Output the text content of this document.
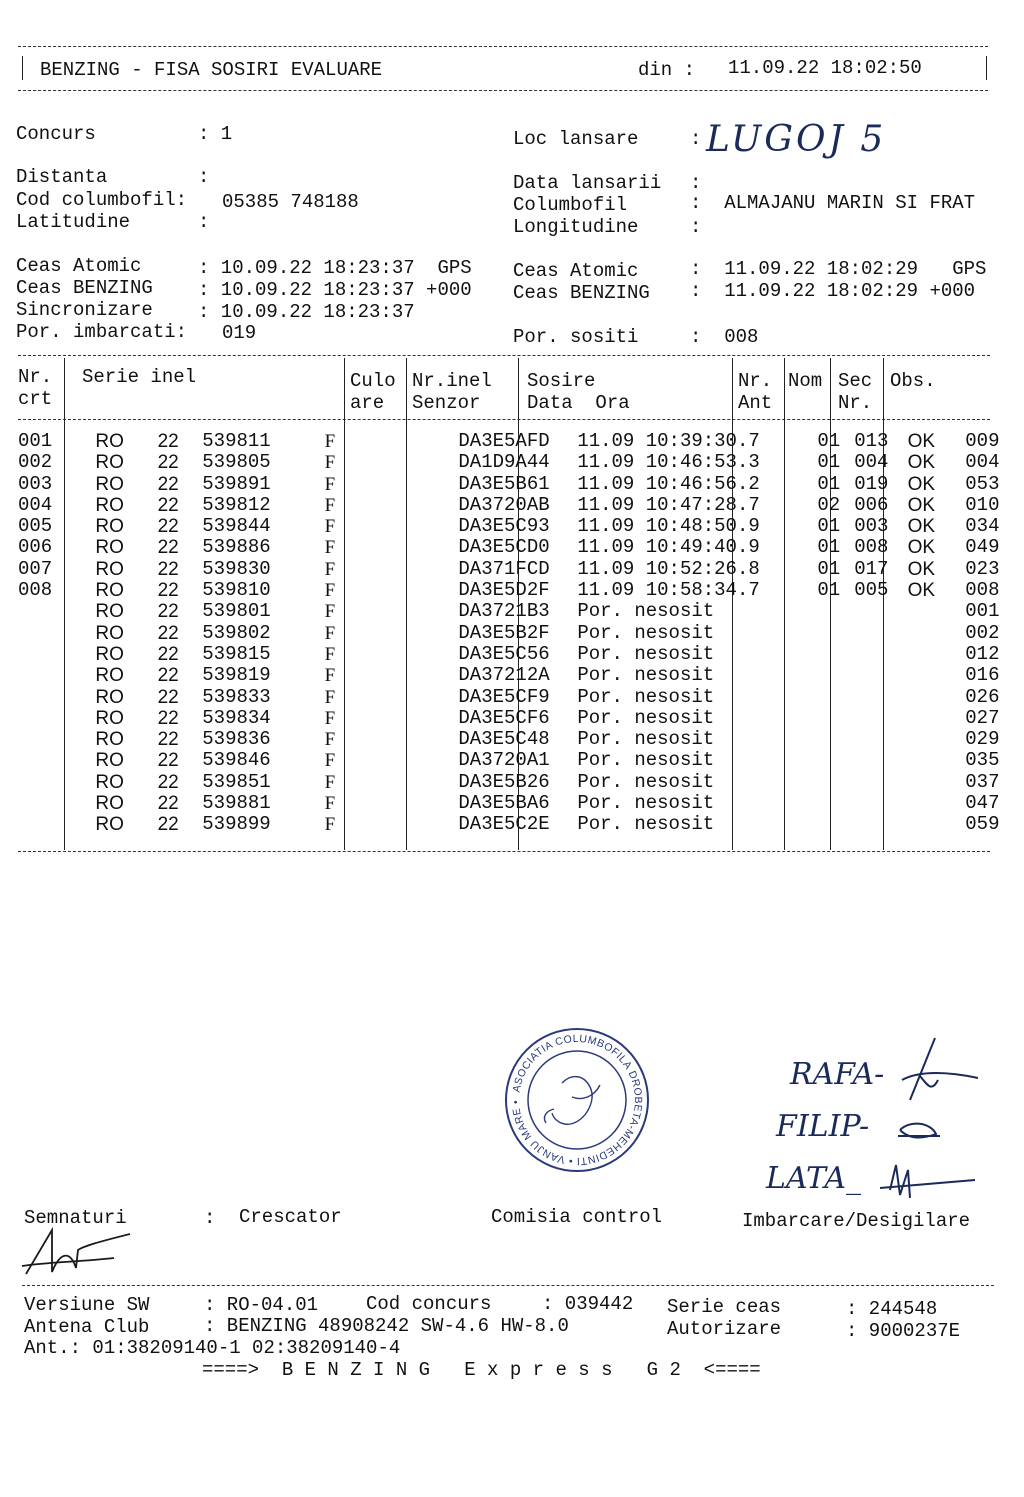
BENZING - FISA SOSIRI EVALUARE	din : 11.09.22 18:02:50
Concurs	: 1
Distanta	:
Cod columbofil: 05385 748188
Latitudine	:
Loc lansare	: LUGOJ 5
Data lansarii :
Columbofil	:  ALMAJANU MARIN SI FRAT
Longitudine	:
Ceas Atomic	: 10.09.22 18:23:37  GPS
Ceas BENZING : 10.09.22 18:23:37 +000
Sincronizare : 10.09.22 18:23:37
Por. imbarcati: 019
Ceas Atomic	:  11.09.22 18:02:29   GPS
Ceas BENZING :  11.09.22 18:02:29 +000
Por. sositi	:  008
Nr.
crt
Serie inel	Culo
are
Nr.inel
Senzor
Sosire
Data  Ora
Nr.
Ant
Nom Sec
Nr.
Obs.
001	RO	22	539811	F		DA3E5AFD	11.09 10:39:30.7	01	013	OK	009
002	RO	22	539805	F		DA1D9A44	11.09 10:46:53.3	01	004	OK	004
003	RO	22	539891	F		DA3E5B61	11.09 10:46:56.2	01	019	OK	053
004	RO	22	539812	F		DA3720AB	11.09 10:47:28.7	02	006	OK	010
005	RO	22	539844	F		DA3E5C93	11.09 10:48:50.9	01	003	OK	034
006	RO	22	539886	F		DA3E5CD0	11.09 10:49:40.9	01	008	OK	049
007	RO	22	539830	F		DA371FCD	11.09 10:52:26.8	01	017	OK	023
008	RO	22	539810	F		DA3E5D2F	11.09 10:58:34.7	01	005	OK	008
	RO	22	539801	F		DA3721B3	Por. nesosit				001
	RO	22	539802	F		DA3E5B2F	Por. nesosit				002
	RO	22	539815	F		DA3E5C56	Por. nesosit				012
	RO	22	539819	F		DA37212A	Por. nesosit				016
	RO	22	539833	F		DA3E5CF9	Por. nesosit				026
	RO	22	539834	F		DA3E5CF6	Por. nesosit				027
	RO	22	539836	F		DA3E5C48	Por. nesosit				029
	RO	22	539846	F		DA3720A1	Por. nesosit				035
	RO	22	539851	F		DA3E5B26	Por. nesosit				037
	RO	22	539881	F		DA3E5BA6	Por. nesosit				047
	RO	22	539899	F		DA3E5C2E	Por. nesosit				059
ASOCIATIA COLUMBOFILA DROBETA-MEHEDINTI • VANJU MARE •
RAFA-
FILIP-
LATA_
Semnaturi	: Crescator	Comisia control	Imbarcare/Desigilare
Versiune SW	: RO-04.01	Cod concurs	: 039442 Serie ceas	: 244548
Antena Club	: BENZING 48908242 SW-4.6 HW-8.0	Autorizare	: 9000237E
Ant.: 01:38209140-1 02:38209140-4
====>  B E N Z I N G   E x p r e s s   G 2  <====
